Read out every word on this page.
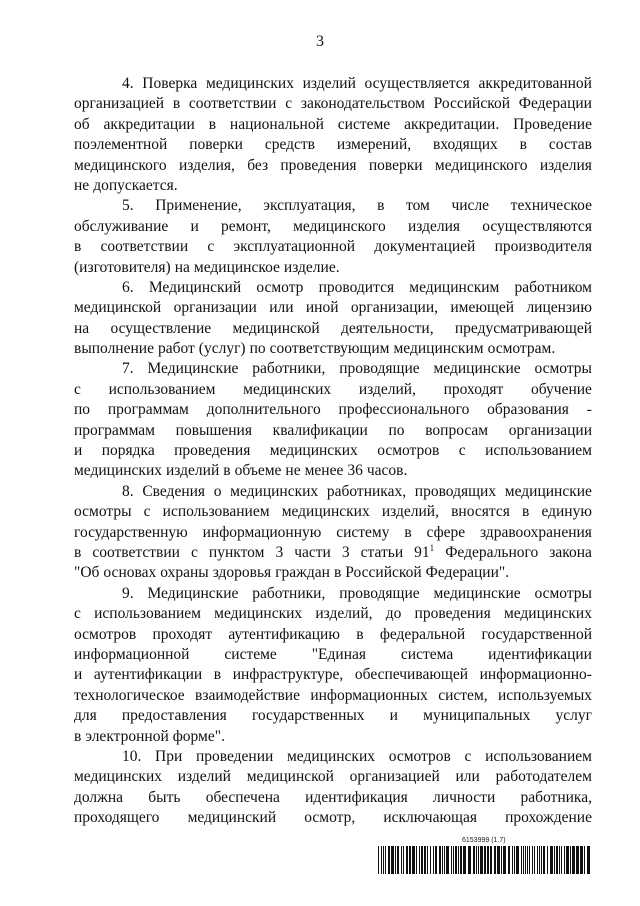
3
4. Поверка медицинских изделий осуществляется аккредитованной
организацией в соответствии с законодательством Российской Федерации
об аккредитации в национальной системе аккредитации. Проведение
поэлементной поверки средств измерений, входящих в состав
медицинского изделия, без проведения поверки медицинского изделия
не допускается.
5. Применение, эксплуатация, в том числе техническое
обслуживание и ремонт, медицинского изделия осуществляются
в соответствии с эксплуатационной документацией производителя
(изготовителя) на медицинское изделие.
6. Медицинский осмотр проводится медицинским работником
медицинской организации или иной организации, имеющей лицензию
на осуществление медицинской деятельности, предусматривающей
выполнение работ (услуг) по соответствующим медицинским осмотрам.
7. Медицинские работники, проводящие медицинские осмотры
с использованием медицинских изделий, проходят обучение
по программам дополнительного профессионального образования -
программам повышения квалификации по вопросам организации
и порядка проведения медицинских осмотров с использованием
медицинских изделий в объеме не менее 36 часов.
8. Сведения о медицинских работниках, проводящих медицинские
осмотры с использованием медицинских изделий, вносятся в единую
государственную информационную систему в сфере здравоохранения
в соответствии с пунктом 3 части 3 статьи $91^1$ Федерального закона
"Об основах охраны здоровья граждан в Российской Федерации".
9. Медицинские работники, проводящие медицинские осмотры
с использованием медицинских изделий, до проведения медицинских
осмотров проходят аутентификацию в федеральной государственной
информационной системе "Единая система идентификации
и аутентификации в инфраструктуре, обеспечивающей информационно-
технологическое взаимодействие информационных систем, используемых
для предоставления государственных и муниципальных услуг
в электронной форме".
10. При проведении медицинских осмотров с использованием
медицинских изделий медицинской организацией или работодателем
должна быть обеспечена идентификация личности работника,
проходящего медицинский осмотр, исключающая прохождение
6153999 (1.7)
